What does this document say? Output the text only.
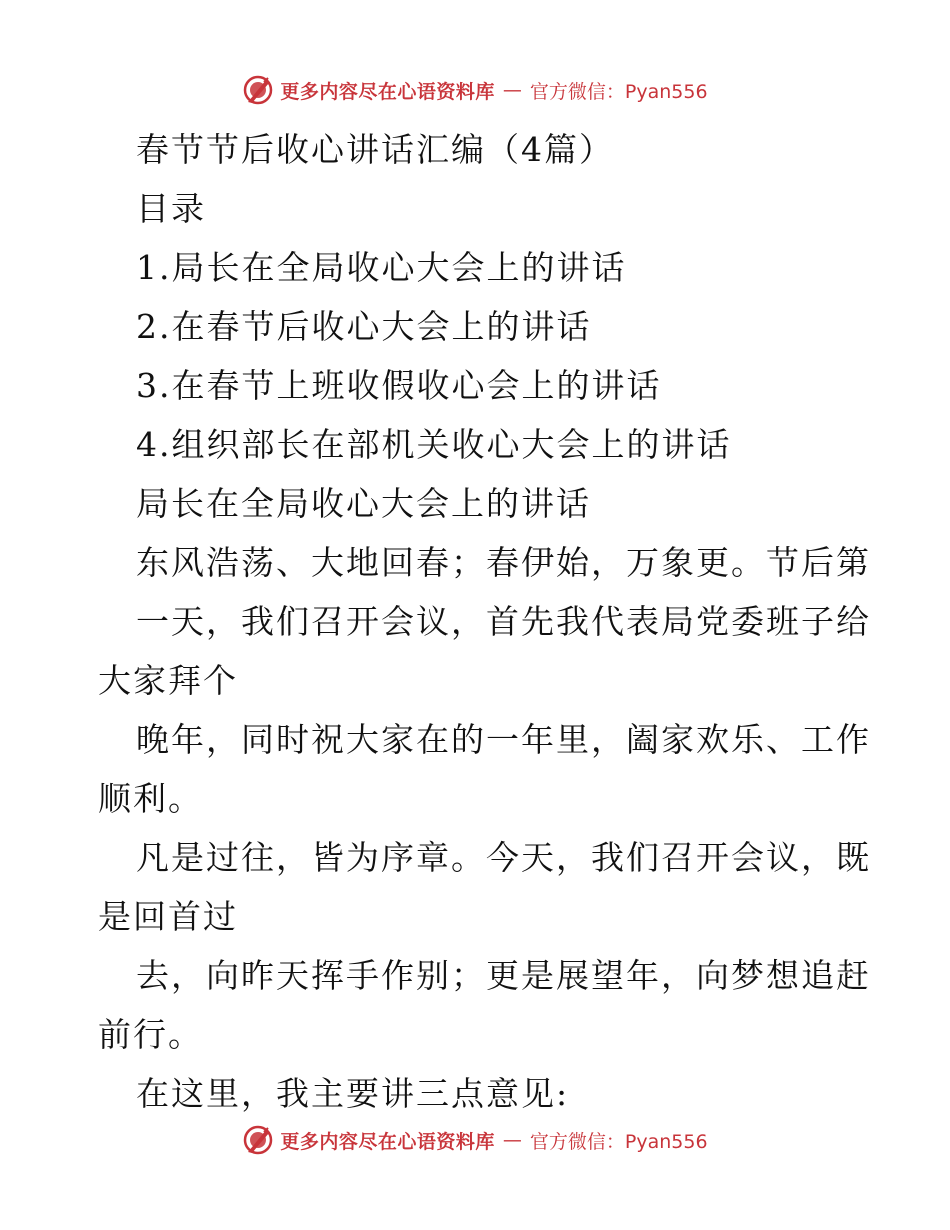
更多内容尽在心语资料库 — 官方微信：Pyan556
春节节后收心讲话汇编（4篇）
目录
1.局长在全局收心大会上的讲话
2.在春节后收心大会上的讲话
3.在春节上班收假收心会上的讲话
4.组织部长在部机关收心大会上的讲话
局长在全局收心大会上的讲话
东风浩荡、大地回春；春伊始，万象更。节后第
一天，我们召开会议，首先我代表局党委班子给
大家拜个
晚年，同时祝大家在的一年里，阖家欢乐、工作
顺利。
凡是过往，皆为序章。今天，我们召开会议，既
是回首过
去，向昨天挥手作别；更是展望年，向梦想追赶
前行。
在这里，我主要讲三点意见:
更多内容尽在心语资料库 — 官方微信：Pyan556
